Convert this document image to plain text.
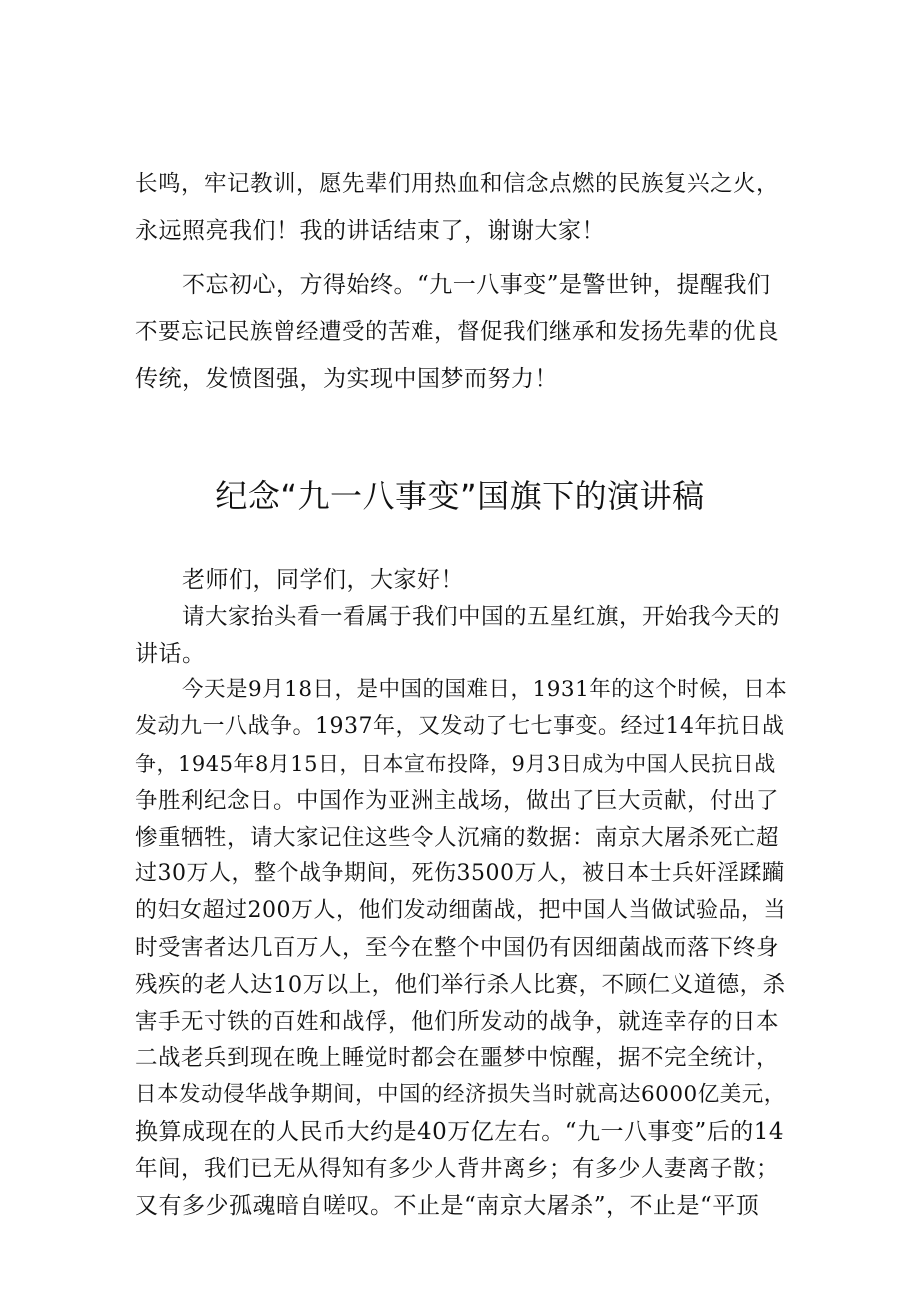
长鸣，牢记教训，愿先辈们用热血和信念点燃的民族复兴之火，
永远照亮我们！我的讲话结束了，谢谢大家！
不忘初心，方得始终。“九一八事变”是警世钟，提醒我们
不要忘记民族曾经遭受的苦难，督促我们继承和发扬先辈的优良
传统，发愤图强，为实现中国梦而努力！
纪念“九一八事变”国旗下的演讲稿
老师们，同学们，大家好！
请大家抬头看一看属于我们中国的五星红旗，开始我今天的
讲话。
今天是9月18日，是中国的国难日，1931年的这个时候，日本
发动九一八战争。1937年，又发动了七七事变。经过14年抗日战
争，1945年8月15日，日本宣布投降，9月3日成为中国人民抗日战
争胜利纪念日。中国作为亚洲主战场，做出了巨大贡献，付出了
惨重牺牲，请大家记住这些令人沉痛的数据：南京大屠杀死亡超
过30万人，整个战争期间，死伤3500万人，被日本士兵奸淫蹂躏
的妇女超过200万人，他们发动细菌战，把中国人当做试验品，当
时受害者达几百万人，至今在整个中国仍有因细菌战而落下终身
残疾的老人达10万以上，他们举行杀人比赛，不顾仁义道德，杀
害手无寸铁的百姓和战俘，他们所发动的战争，就连幸存的日本
二战老兵到现在晚上睡觉时都会在噩梦中惊醒，据不完全统计，
日本发动侵华战争期间，中国的经济损失当时就高达6000亿美元，
换算成现在的人民币大约是40万亿左右。“九一八事变”后的14
年间，我们已无从得知有多少人背井离乡；有多少人妻离子散；
又有多少孤魂暗自嗟叹。不止是“南京大屠杀”，不止是“平顶
